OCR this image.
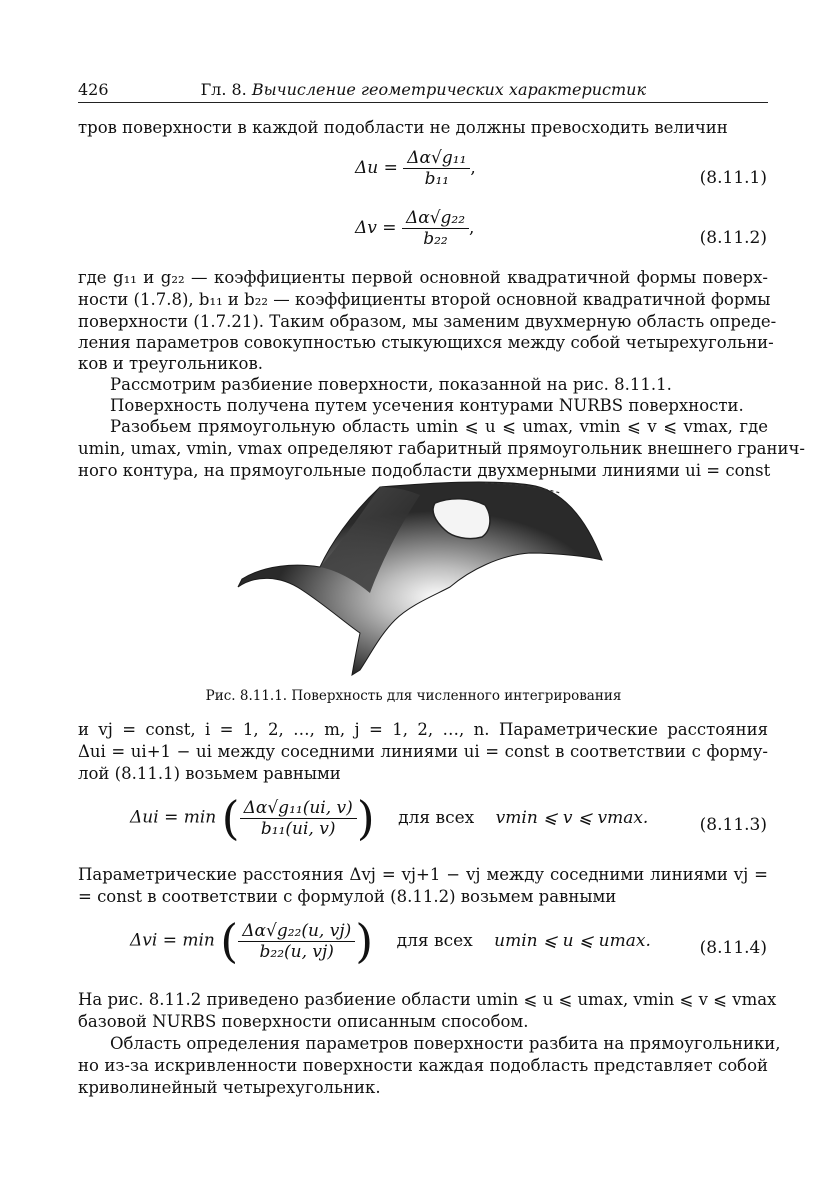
426	Гл. 8. Вычисление геометрических характеристик
тров поверхности в каждой подобласти не должны превосходить величин
$\Delta u = \frac{\text{Δα√g₁₁}}{\text{b₁₁}}$ ,	(8.11.1)
$\Delta v = \frac{\text{Δα√g₂₂}}{\text{b₂₂}}$ ,	(8.11.2)
где g₁₁ и g₂₂ — коэффициенты первой основной квадратичной формы поверх-
ности (1.7.8), b₁₁ и b₂₂ — коэффициенты второй основной квадратичной формы
поверхности (1.7.21). Таким образом, мы заменим двухмерную область опреде-
ления параметров совокупностью стыкующихся между собой четырехугольни-
ков и треугольников.
Рассмотрим разбиение поверхности, показанной на рис. 8.11.1.
Поверхность получена путем усечения контурами NURBS поверхности.
Разобьем прямоугольную область umin ⩽ u ⩽ umax, vmin ⩽ v ⩽ vmax, где
umin, umax, vmin, vmax определяют габаритный прямоугольник внешнего гранич-
ного контура, на прямоугольные подобласти двухмерными линиями ui = const
Рис. 8.11.1. Поверхность для численного интегрирования
и vj = const, i = 1, 2, …, m, j = 1, 2, …, n. Параметрические расстояния
Δui = ui+1 − ui между соседними линиями ui = const в соответствии с форму-
лой (8.11.1) возьмем равными
Δui = min ( $\frac{\text{Δα√g₁₁(ui, v)}}{\text{b₁₁(ui, v)}}$ ) для всех vmin ⩽ v ⩽ vmax.	(8.11.3)
Параметрические расстояния Δvj = vj+1 − vj между соседними линиями vj =
= const в соответствии с формулой (8.11.2) возьмем равными
Δvi = min ( $\frac{\text{Δα√g₂₂(u, vj)}}{\text{b₂₂(u, vj)}}$ ) для всех umin ⩽ u ⩽ umax.	(8.11.4)
На рис. 8.11.2 приведено разбиение области umin ⩽ u ⩽ umax, vmin ⩽ v ⩽ vmax
базовой NURBS поверхности описанным способом.
Область определения параметров поверхности разбита на прямоугольники,
но из-за искривленности поверхности каждая подобласть представляет собой
криволинейный четырехугольник.
